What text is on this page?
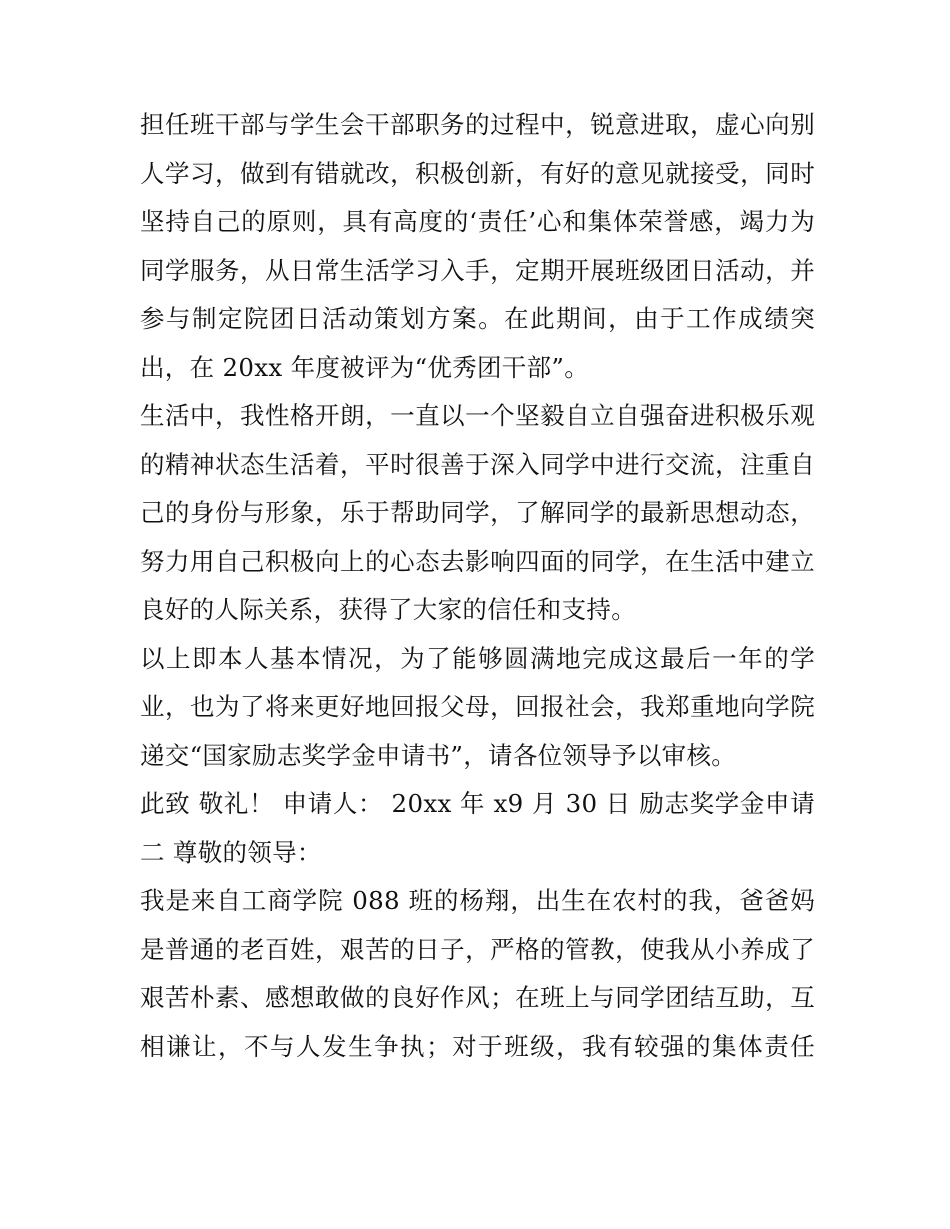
担任班干部与学生会干部职务的过程中，锐意进取，虚心向别
人学习，做到有错就改，积极创新，有好的意见就接受，同时
坚持自己的原则，具有高度的‘责任’心和集体荣誉感，竭力为
同学服务，从日常生活学习入手，定期开展班级团日活动，并
参与制定院团日活动策划方案。在此期间，由于工作成绩突
出，在 20xx 年度被评为“优秀团干部”。
生活中，我性格开朗，一直以一个坚毅自立自强奋进积极乐观
的精神状态生活着，平时很善于深入同学中进行交流，注重自
己的身份与形象，乐于帮助同学，了解同学的最新思想动态，
努力用自己积极向上的心态去影响四面的同学，在生活中建立
良好的人际关系，获得了大家的信任和支持。
以上即本人基本情况，为了能够圆满地完成这最后一年的学
业，也为了将来更好地回报父母，回报社会，我郑重地向学院
递交“国家励志奖学金申请书”，请各位领导予以审核。
此致 敬礼！ 申请人： 20xx 年 x9 月 30 日 励志奖学金申请
二 尊敬的领导：
我是来自工商学院 088 班的杨翔，出生在农村的我，爸爸妈
是普通的老百姓，艰苦的日子，严格的管教，使我从小养成了
艰苦朴素、感想敢做的良好作风；在班上与同学团结互助，互
相谦让，不与人发生争执；对于班级，我有较强的集体责任
